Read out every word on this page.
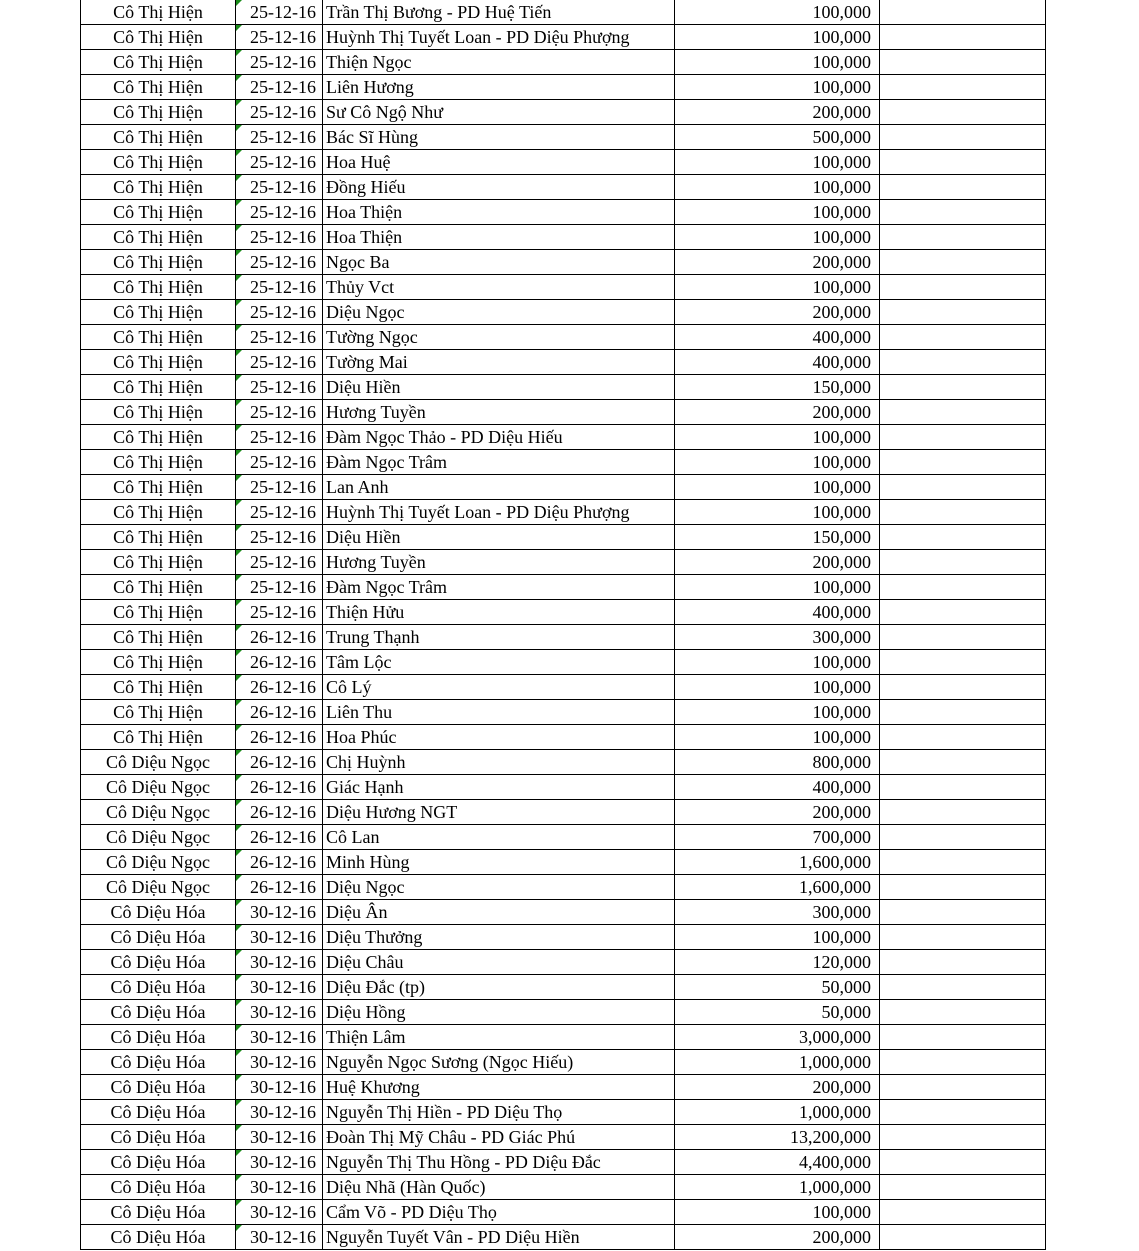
Cô Thị Hiện	25-12-16	Trần Thị Bương - PD Huệ Tiến	100,000	
Cô Thị Hiện	25-12-16	Huỳnh Thị Tuyết Loan - PD Diệu Phượng	100,000	
Cô Thị Hiện	25-12-16	Thiện Ngọc	100,000	
Cô Thị Hiện	25-12-16	Liên Hương	100,000	
Cô Thị Hiện	25-12-16	Sư Cô Ngộ Như	200,000	
Cô Thị Hiện	25-12-16	Bác Sĩ Hùng	500,000	
Cô Thị Hiện	25-12-16	Hoa Huệ	100,000	
Cô Thị Hiện	25-12-16	Đồng Hiếu	100,000	
Cô Thị Hiện	25-12-16	Hoa Thiện	100,000	
Cô Thị Hiện	25-12-16	Hoa Thiện	100,000	
Cô Thị Hiện	25-12-16	Ngọc Ba	200,000	
Cô Thị Hiện	25-12-16	Thủy Vct	100,000	
Cô Thị Hiện	25-12-16	Diệu Ngọc	200,000	
Cô Thị Hiện	25-12-16	Tường Ngọc	400,000	
Cô Thị Hiện	25-12-16	Tường Mai	400,000	
Cô Thị Hiện	25-12-16	Diệu Hiền	150,000	
Cô Thị Hiện	25-12-16	Hương Tuyền	200,000	
Cô Thị Hiện	25-12-16	Đàm Ngọc Thảo - PD Diệu Hiếu	100,000	
Cô Thị Hiện	25-12-16	Đàm Ngọc Trâm	100,000	
Cô Thị Hiện	25-12-16	Lan Anh	100,000	
Cô Thị Hiện	25-12-16	Huỳnh Thị Tuyết Loan - PD Diệu Phượng	100,000	
Cô Thị Hiện	25-12-16	Diệu Hiền	150,000	
Cô Thị Hiện	25-12-16	Hương Tuyền	200,000	
Cô Thị Hiện	25-12-16	Đàm Ngọc Trâm	100,000	
Cô Thị Hiện	25-12-16	Thiện Hửu	400,000	
Cô Thị Hiện	26-12-16	Trung Thạnh	300,000	
Cô Thị Hiện	26-12-16	Tâm Lộc	100,000	
Cô Thị Hiện	26-12-16	Cô Lý	100,000	
Cô Thị Hiện	26-12-16	Liên Thu	100,000	
Cô Thị Hiện	26-12-16	Hoa Phúc	100,000	
Cô Diệu Ngọc	26-12-16	Chị Huỳnh	800,000	
Cô Diệu Ngọc	26-12-16	Giác Hạnh	400,000	
Cô Diệu Ngọc	26-12-16	Diệu Hương NGT	200,000	
Cô Diệu Ngọc	26-12-16	Cô Lan	700,000	
Cô Diệu Ngọc	26-12-16	Minh Hùng	1,600,000	
Cô Diệu Ngọc	26-12-16	Diệu Ngọc	1,600,000	
Cô Diệu Hóa	30-12-16	Diệu Ân	300,000	
Cô Diệu Hóa	30-12-16	Diệu Thưởng	100,000	
Cô Diệu Hóa	30-12-16	Diệu Châu	120,000	
Cô Diệu Hóa	30-12-16	Diệu Đắc (tp)	50,000	
Cô Diệu Hóa	30-12-16	Diệu Hồng	50,000	
Cô Diệu Hóa	30-12-16	Thiện Lâm	3,000,000	
Cô Diệu Hóa	30-12-16	Nguyễn Ngọc Sương (Ngọc Hiếu)	1,000,000	
Cô Diệu Hóa	30-12-16	Huệ Khương	200,000	
Cô Diệu Hóa	30-12-16	Nguyễn Thị Hiền - PD Diệu Thọ	1,000,000	
Cô Diệu Hóa	30-12-16	Đoàn Thị Mỹ Châu - PD Giác Phú	13,200,000	
Cô Diệu Hóa	30-12-16	Nguyễn Thị Thu Hồng - PD Diệu Đắc	4,400,000	
Cô Diệu Hóa	30-12-16	Diệu Nhã (Hàn Quốc)	1,000,000	
Cô Diệu Hóa	30-12-16	Cẩm Võ - PD Diệu Thọ	100,000	
Cô Diệu Hóa	30-12-16	Nguyễn Tuyết Vân - PD Diệu Hiền	200,000	
